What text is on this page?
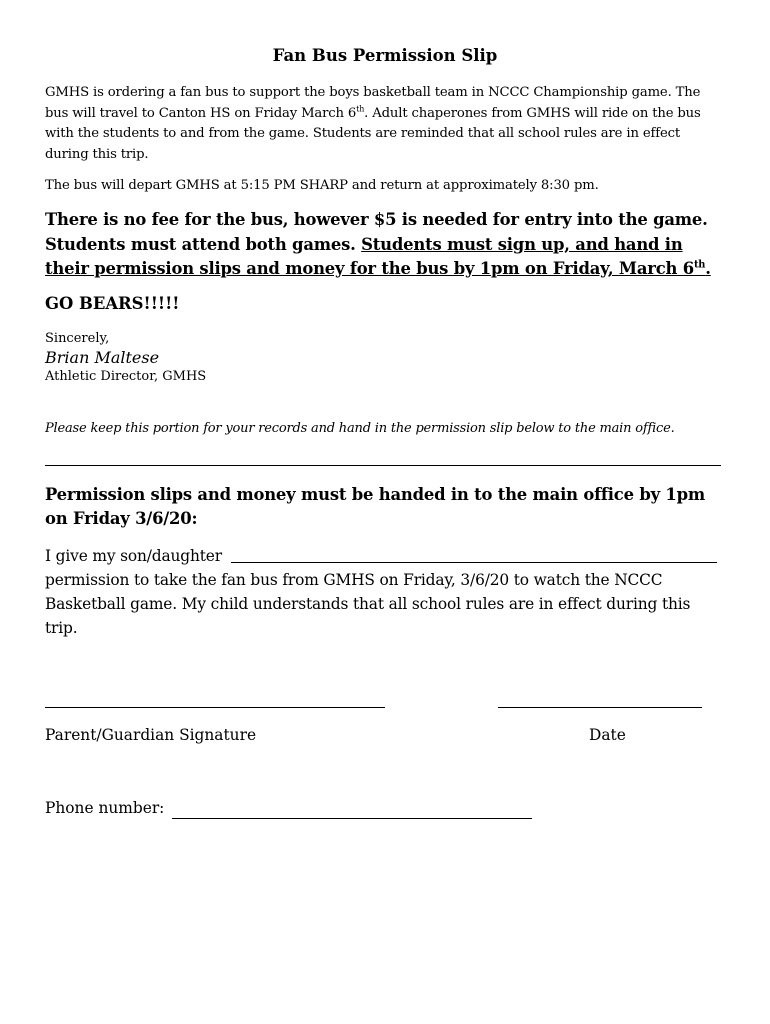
Fan Bus Permission Slip
GMHS is ordering a fan bus to support the boys basketball team in NCCC Championship game. The
bus will travel to Canton HS on Friday March 6th. Adult chaperones from GMHS will ride on the bus
with the students to and from the game. Students are reminded that all school rules are in effect
during this trip.
The bus will depart GMHS at 5:15 PM SHARP and return at approximately 8:30 pm.
There is no fee for the bus, however $5 is needed for entry into the game.
Students must attend both games. Students must sign up, and hand in
their permission slips and money for the bus by 1pm on Friday, March 6th.
GO BEARS!!!!!
Sincerely,
Brian Maltese
Athletic Director, GMHS
Please keep this portion for your records and hand in the permission slip below to the main office.
Permission slips and money must be handed in to the main office by 1pm
on Friday 3/6/20:
I give my son/daughter
permission to take the fan bus from GMHS on Friday, 3/6/20 to watch the NCCC
Basketball game. My child understands that all school rules are in effect during this
trip.
Parent/Guardian Signature	Date
Phone number:
